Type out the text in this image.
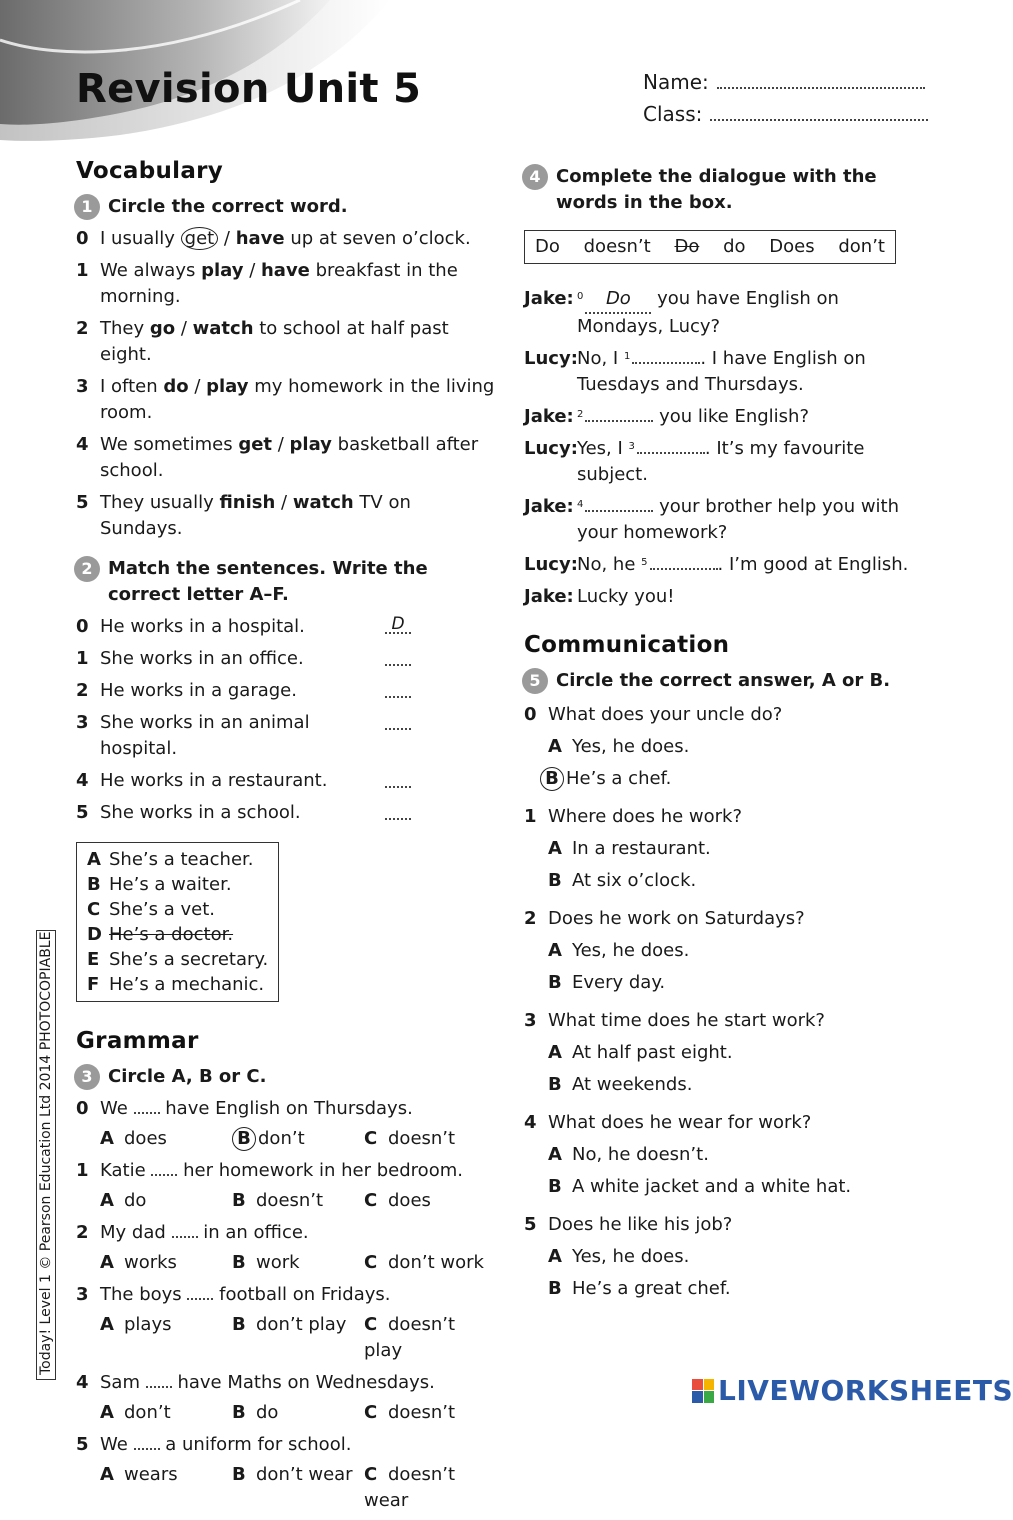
Revision Unit 5	Name:
Class:
Vocabulary
1 Circle the correct word.
0 I usually get / have up at seven o’clock.
1 We always play / have breakfast in the morning.
2 They go / watch to school at half past eight.
3 I often do / play my homework in the living room.
4 We sometimes get / play basketball after school.
5 They usually finish / watch TV on Sundays.
2 Match the sentences. Write the correct letter A–F.
0 He works in a hospital.	D
1 She works in an office.
2 He works in a garage.
3 She works in an animal hospital.
4 He works in a restaurant.
5 She works in a school.
A She’s a teacher.
B He’s a waiter.
C She’s a vet.
D He’s a doctor.
E She’s a secretary.
F He’s a mechanic.
Grammar
3 Circle A, B or C.
0 We  have English on Thursdays.
A does	B don’t	C doesn’t
1 Katie  her homework in her bedroom.
A do	B doesn’t	C does
2 My dad  in an office.
A works	B work	C don’t work
3 The boys  football on Fridays.
A plays	B don’t play C doesn’t play
4 Sam  have Maths on Wednesdays.
A don’t	B do	C doesn’t
5 We  a uniform for school.
A wears	B don’t wear C doesn’t wear
4 Complete the dialogue with the words in the box.
Do doesn’t Do do Does don’t
Jake: $^0$ Do you have English on Mondays, Lucy?
Lucy: No, I $^1$	. I have English on Tuesdays and Thursdays.
Jake: $^2$	you like English?
Lucy: Yes, I $^3$	. It’s my favourite subject.
Jake: $^4$	your brother help you with your homework?
Lucy: No, he $^5$	. I’m good at English.
Jake: Lucky you!
Communication
5 Circle the correct answer, A or B.
0 What does your uncle do?
A Yes, he does.
B He’s a chef.
1 Where does he work?
A In a restaurant.
B At six o’clock.
2 Does he work on Saturdays?
A Yes, he does.
B Every day.
3 What time does he start work?
A At half past eight.
B At weekends.
4 What does he wear for work?
A No, he doesn’t.
B A white jacket and a white hat.
5 Does he like his job?
A Yes, he does.
B He’s a great chef.
Today! Level 1 © Pearson Education Ltd 2014 PHOTOCOPIABLE
LIVEWORKSHEETS
